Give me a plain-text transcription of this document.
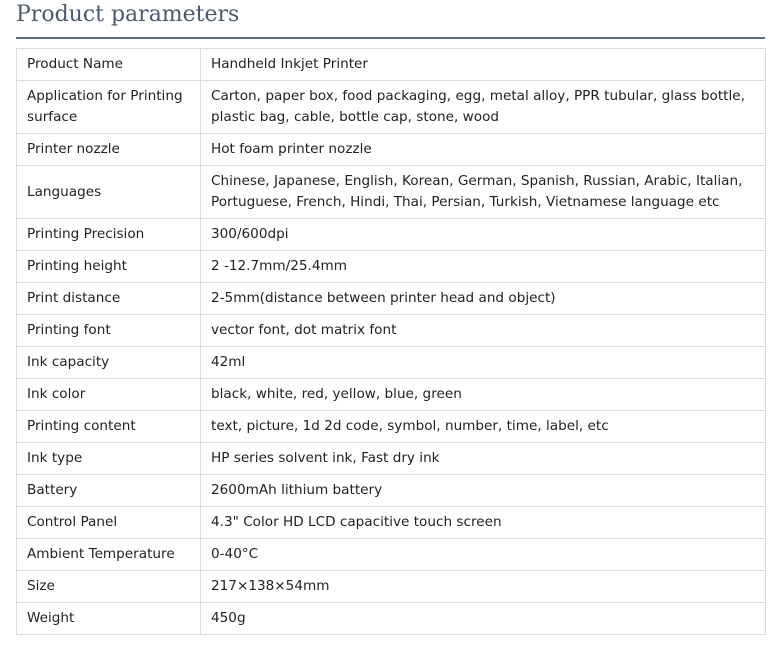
Product parameters
Product Name	Handheld Inkjet Printer
Application for Printing surface	Carton, paper box, food packaging, egg, metal alloy, PPR tubular, glass bottle, plastic bag, cable, bottle cap, stone, wood
Printer nozzle	Hot foam printer nozzle
Languages	Chinese, Japanese, English, Korean, German, Spanish, Russian, Arabic, Italian, Portuguese, French, Hindi, Thai, Persian, Turkish, Vietnamese language etc
Printing Precision	300/600dpi
Printing height	2 -12.7mm/25.4mm
Print distance	2-5mm(distance between printer head and object)
Printing font	vector font, dot matrix font
Ink capacity	42ml
Ink color	black, white, red, yellow, blue, green
Printing content	text, picture, 1d 2d code, symbol, number, time, label, etc
Ink type	HP series solvent ink, Fast dry ink
Battery	2600mAh lithium battery
Control Panel	4.3" Color HD LCD capacitive touch screen
Ambient Temperature	0-40°C
Size	217×138×54mm
Weight	450g
